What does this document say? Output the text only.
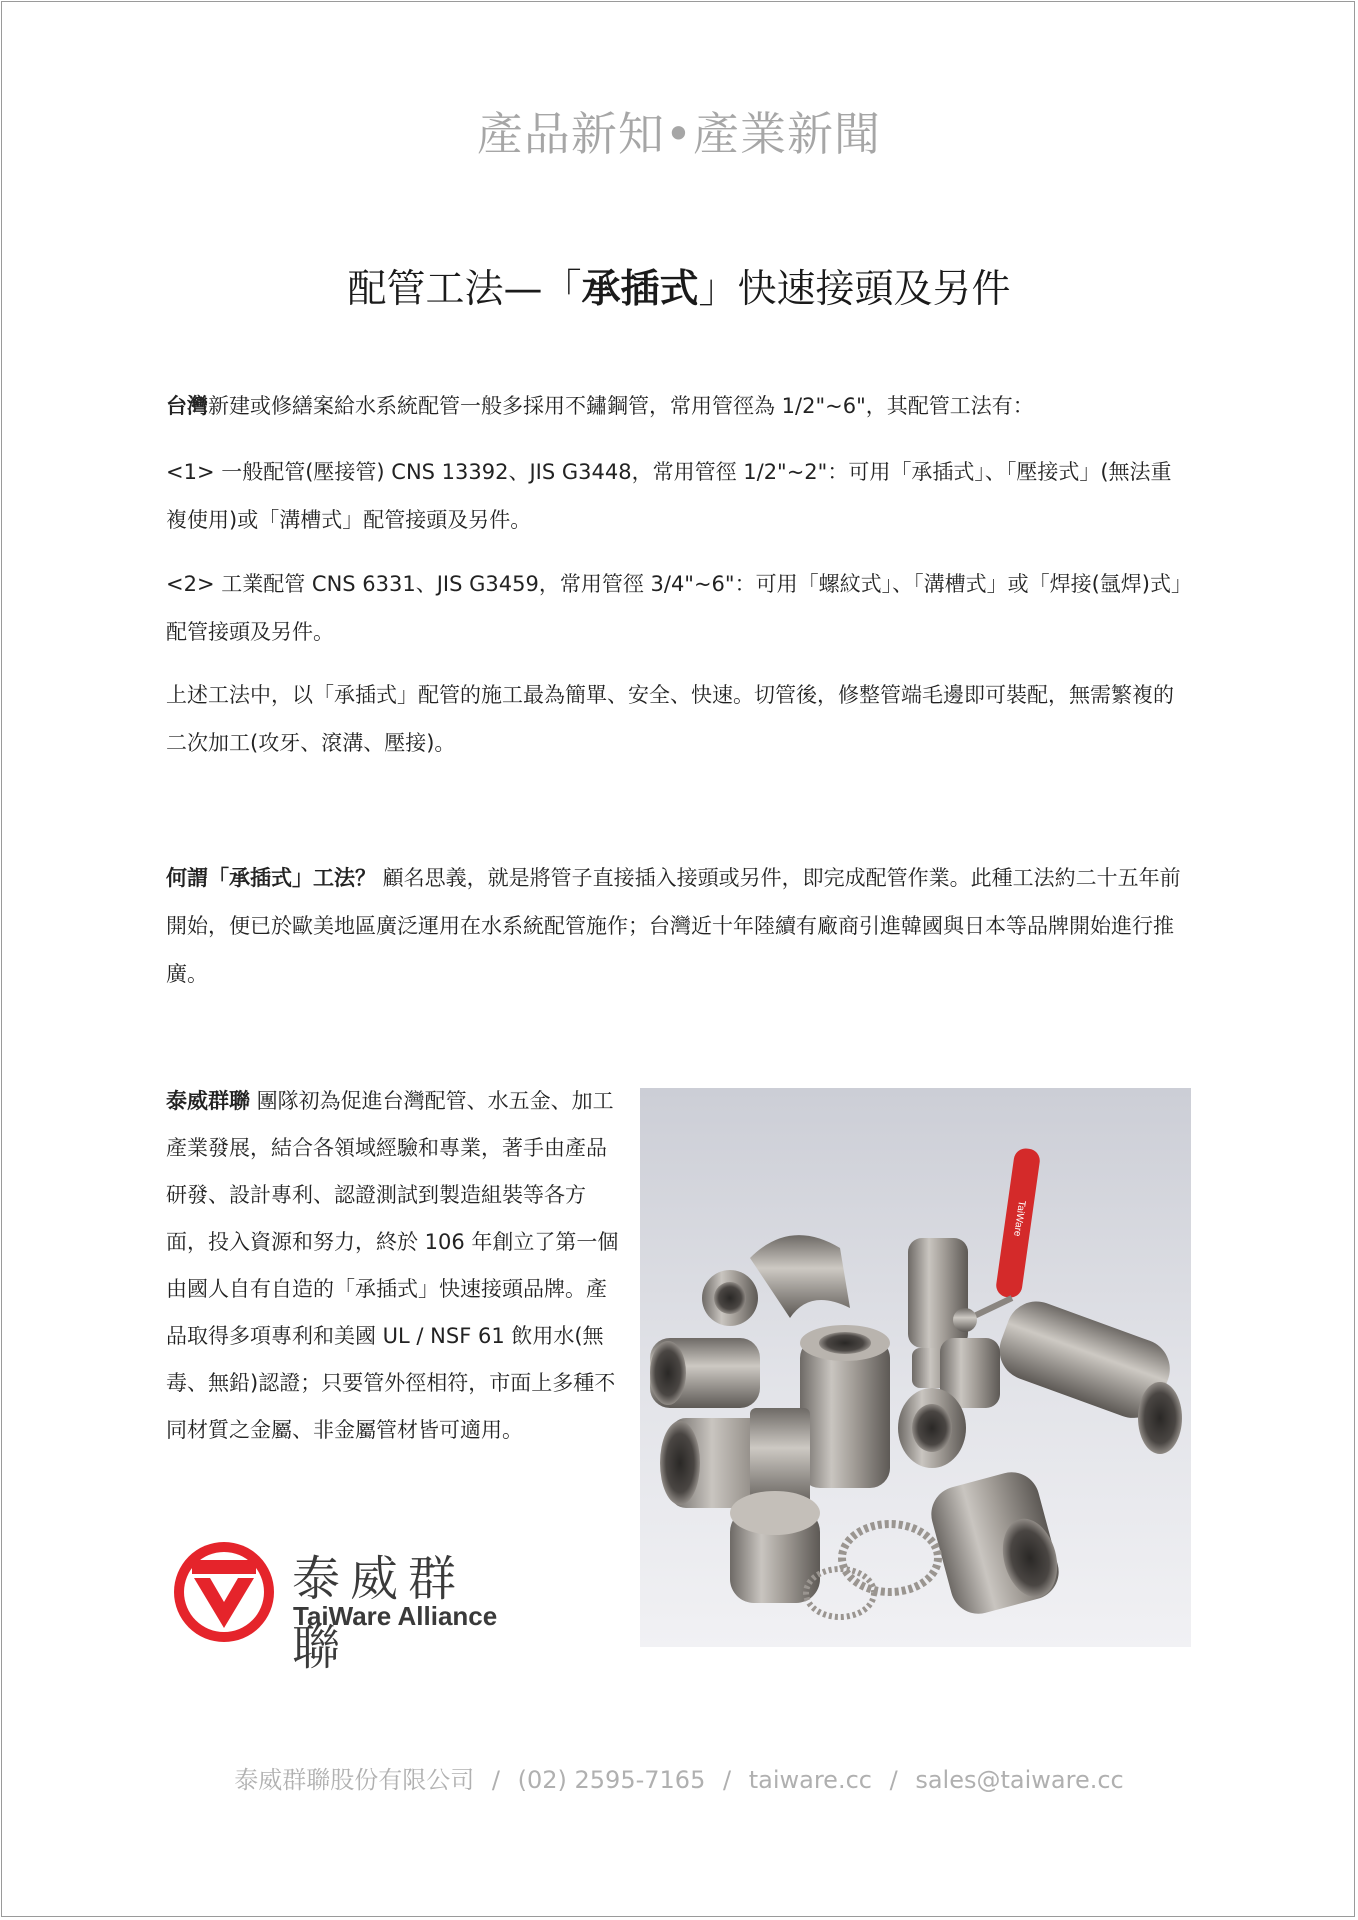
產品新知•產業新聞
配管工法—「承插式」快速接頭及另件
台灣新建或修繕案給水系統配管一般多採用不鏽鋼管，常用管徑為 1/2"~6"，其配管工法有：
<1> 一般配管(壓接管) CNS 13392、JIS G3448，常用管徑 1/2"~2"：可用「承插式」、「壓接式」(無法重複使用)或「溝槽式」配管接頭及另件。
<2> 工業配管 CNS 6331、JIS G3459，常用管徑 3/4"~6"：可用「螺紋式」、「溝槽式」或「焊接(氬焊)式」配管接頭及另件。
上述工法中，以「承插式」配管的施工最為簡單、安全、快速。切管後，修整管端毛邊即可裝配，無需繁複的二次加工(攻牙、滾溝、壓接)。
何謂「承插式」工法？ 顧名思義，就是將管子直接插入接頭或另件，即完成配管作業。此種工法約二十五年前開始，便已於歐美地區廣泛運用在水系統配管施作；台灣近十年陸續有廠商引進韓國與日本等品牌開始進行推廣。
泰威群聯 團隊初為促進台灣配管、水五金、加工產業發展，結合各領域經驗和專業，著手由產品研發、設計專利、認證測試到製造組裝等各方面，投入資源和努力，終於 106 年創立了第一個由國人自有自造的「承插式」快速接頭品牌。產品取得多項專利和美國 UL / NSF 61 飲用水(無毒、無鉛)認證；只要管外徑相符，市面上多種不同材質之金屬、非金屬管材皆可適用。
TaiWare
泰威群聯
TaiWare Alliance
泰威群聯股份有限公司 / (02) 2595-7165 / taiware.cc / sales@taiware.cc
